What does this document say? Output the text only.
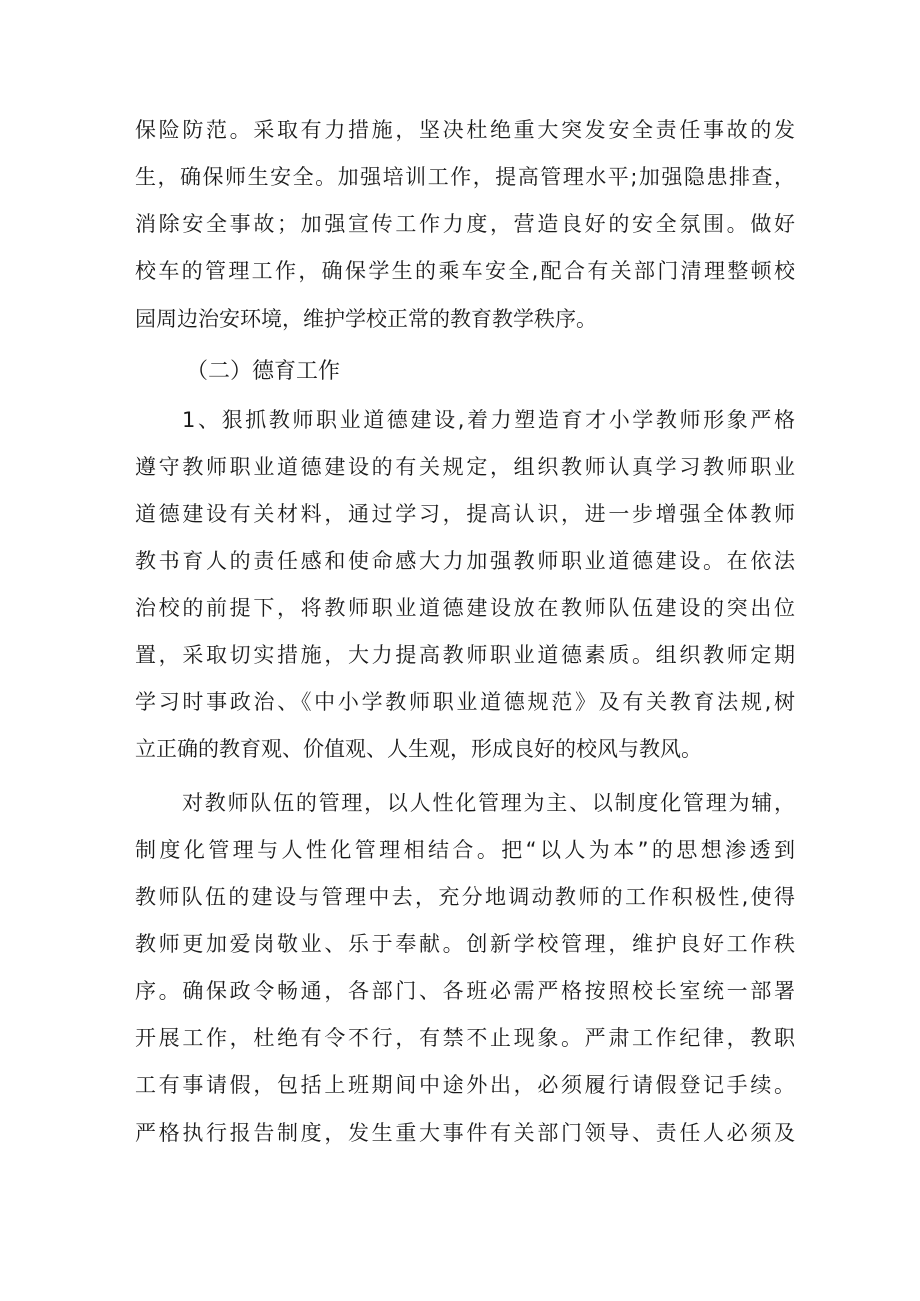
保险防范。采取有力措施，坚决杜绝重大突发安全责任事故的发
生，确保师生安全。加强培训工作，提高管理水平;加强隐患排查，
消除安全事故；加强宣传工作力度，营造良好的安全氛围。做好
校车的管理工作，确保学生的乘车安全,配合有关部门清理整顿校
园周边治安环境，维护学校正常的教育教学秩序。
（二）德育工作
1、狠抓教师职业道德建设,着力塑造育才小学教师形象严格
遵守教师职业道德建设的有关规定，组织教师认真学习教师职业
道德建设有关材料，通过学习，提高认识，进一步增强全体教师
教书育人的责任感和使命感大力加强教师职业道德建设。在依法
治校的前提下，将教师职业道德建设放在教师队伍建设的突出位
置，采取切实措施，大力提高教师职业道德素质。组织教师定期
学习时事政治、《中小学教师职业道德规范》及有关教育法规,树
立正确的教育观、价值观、人生观，形成良好的校风与教风。
对教师队伍的管理，以人性化管理为主、以制度化管理为辅，
制度化管理与人性化管理相结合。把“以人为本”的思想渗透到
教师队伍的建设与管理中去，充分地调动教师的工作积极性,使得
教师更加爱岗敬业、乐于奉献。创新学校管理，维护良好工作秩
序。确保政令畅通，各部门、各班必需严格按照校长室统一部署
开展工作，杜绝有令不行，有禁不止现象。严肃工作纪律，教职
工有事请假，包括上班期间中途外出，必须履行请假登记手续。
严格执行报告制度，发生重大事件有关部门领导、责任人必须及
